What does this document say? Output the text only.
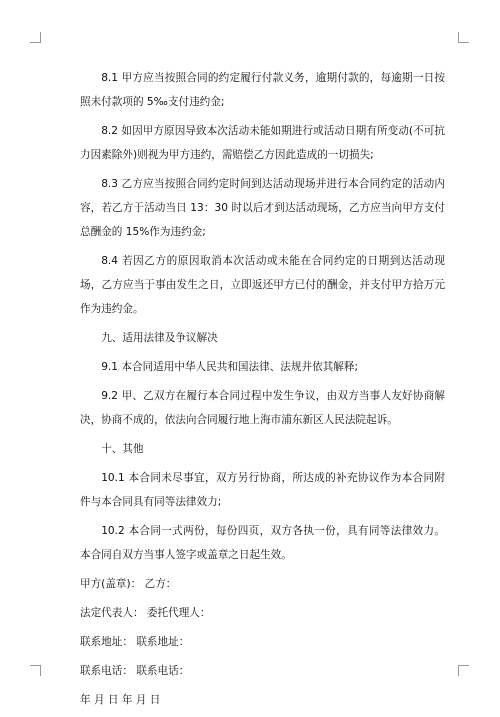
8.1 甲方应当按照合同的约定履行付款义务，逾期付款的，每逾期一日按照未付款项的 5‰支付违约金;

8.2 如因甲方原因导致本次活动未能如期进行或活动日期有所变动(不可抗力因素除外)则视为甲方违约，需赔偿乙方因此造成的一切损失;

8.3 乙方应当按照合同约定时间到达活动现场并进行本合同约定的活动内容，若乙方于活动当日 13：30 时以后才到达活动现场，乙方应当向甲方支付总酬金的 15%作为违约金;

8.4 若因乙方的原因取消本次活动或未能在合同约定的日期到达活动现场，乙方应当于事由发生之日，立即返还甲方已付的酬金，并支付甲方拾万元作为违约金。

九、适用法律及争议解决

9.1 本合同适用中华人民共和国法律、法规并依其解释;

9.2 甲、乙双方在履行本合同过程中发生争议，由双方当事人友好协商解决，协商不成的，依法向合同履行地上海市浦东新区人民法院起诉。

十、其他

10.1 本合同未尽事宜，双方另行协商，所达成的补充协议作为本合同附件与本合同具有同等法律效力;

10.2 本合同一式两份，每份四页，双方各执一份，具有同等法律效力。本合同自双方当事人签字或盖章之日起生效。

甲方(盖章)： 乙方：

法定代表人： 委托代理人：

联系地址： 联系地址：

联系电话： 联系电话：

年 月 日 年 月 日
